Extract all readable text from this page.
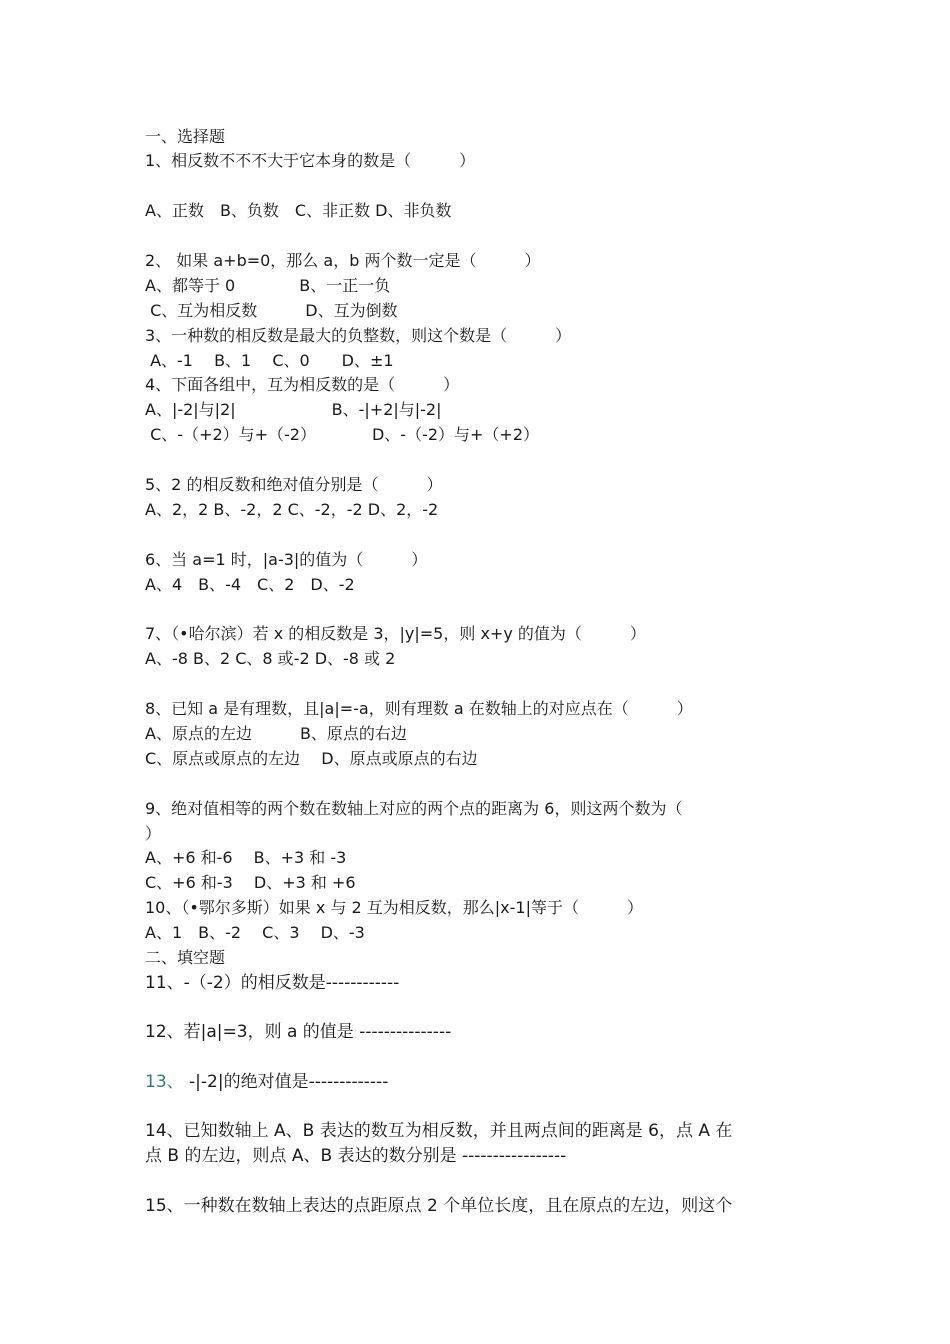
一、选择题

1、相反数不不不大于它本身的数是（　　　）

A、正数　B、负数　C、非正数 D、非负数

2、 如果 a+b=0，那么 a，b 两个数一定是（　　　）

A、都等于 0　　　　B、一正一负

C、互为相反数　　　D、互为倒数

3、一种数的相反数是最大的负整数，则这个数是（　　　）

A、-1　 B、1　 C、0　　D、±1

4、下面各组中，互为相反数的是（　　　）

A、|-2|与|2|　　　　　　B、-|+2|与|-2|

C、-（+2）与+（-2）　　　　D、-（-2）与+（+2）

5、2 的相反数和绝对值分别是（　　　）

A、2，2 B、-2，2 C、-2，-2 D、2，-2

6、当 a=1 时，|a-3|的值为（　　　）

A、4　B、-4　C、2　D、-2

7、（•哈尔滨）若 x 的相反数是 3，|y|=5，则 x+y 的值为（　　　）

A、-8 B、2 C、8 或-2 D、-8 或 2

8、已知 a 是有理数，且|a|=-a，则有理数 a 在数轴上的对应点在（　　　）

A、原点的左边　　　B、原点的右边

C、原点或原点的左边　 D、原点或原点的右边

9、绝对值相等的两个数在数轴上对应的两个点的距离为 6，则这两个数为（

）

A、+6 和-6　 B、+3 和 -3

C、+6 和-3　 D、+3 和 +6

10、（•鄂尔多斯）如果 x 与 2 互为相反数，那么|x-1|等于（　　　）

A、1　B、-2　 C、3　 D、-3

二、填空题

11、-（-2）的相反数是------------

12、若|a|=3，则 a 的值是 ---------------

13、 -|-2|的绝对值是-------------

14、已知数轴上 A、B 表达的数互为相反数，并且两点间的距离是 6，点 A 在

点 B 的左边，则点 A、B 表达的数分别是 -----------------

15、一种数在数轴上表达的点距原点 2 个单位长度，且在原点的左边，则这个
